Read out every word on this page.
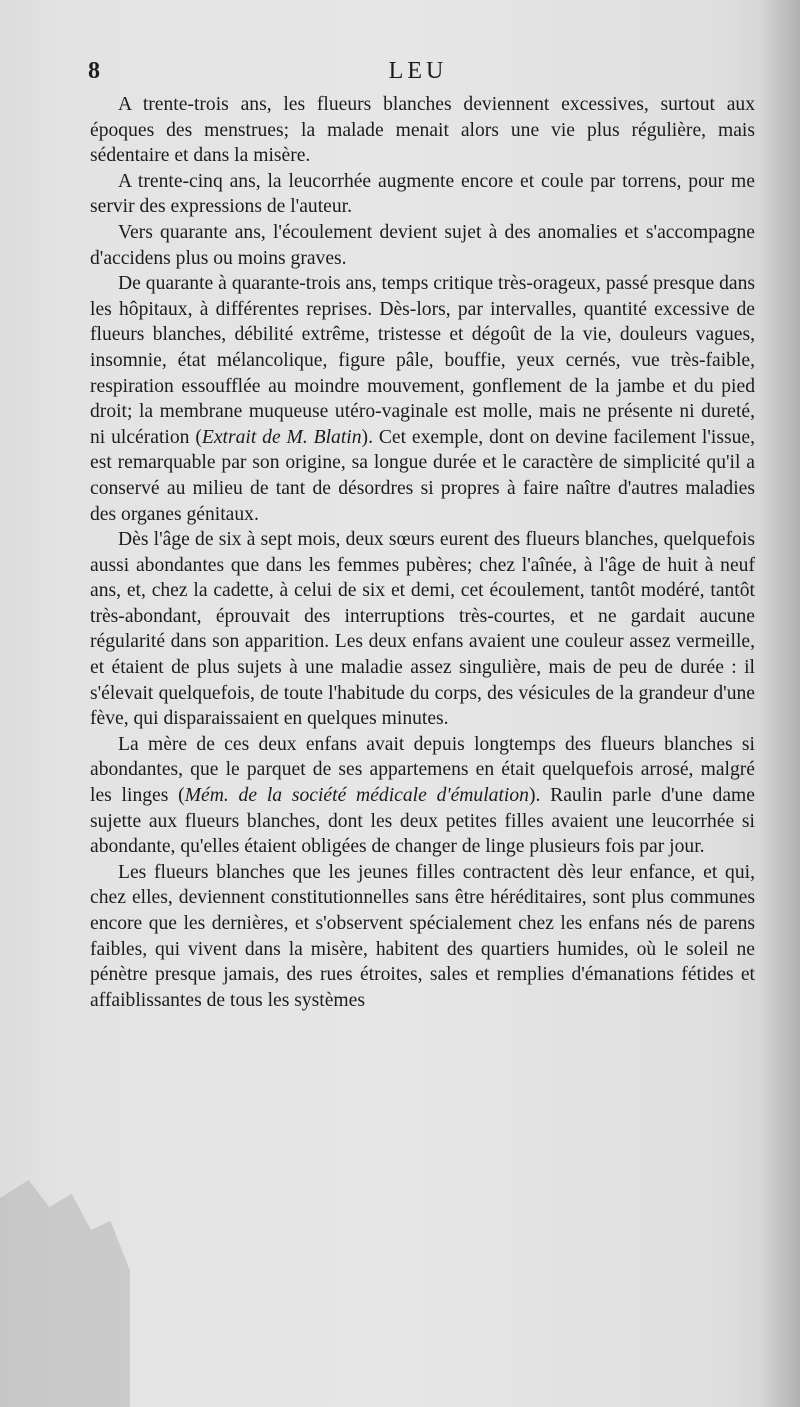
8	LEU

A trente-trois ans, les flueurs blanches deviennent excessives, surtout aux époques des menstrues; la malade menait alors une vie plus régulière, mais sédentaire et dans la misère.

A trente-cinq ans, la leucorrhée augmente encore et coule par torrens, pour me servir des expressions de l'auteur.

Vers quarante ans, l'écoulement devient sujet à des anomalies et s'accompagne d'accidens plus ou moins graves.

De quarante à quarante-trois ans, temps critique très-orageux, passé presque dans les hôpitaux, à différentes reprises. Dès-lors, par intervalles, quantité excessive de flueurs blanches, débilité extrême, tristesse et dégoût de la vie, douleurs vagues, insomnie, état mélancolique, figure pâle, bouffie, yeux cernés, vue très-faible, respiration essoufflée au moindre mouvement, gonflement de la jambe et du pied droit; la membrane muqueuse utéro-vaginale est molle, mais ne présente ni dureté, ni ulcération (Extrait de M. Blatin). Cet exemple, dont on devine facilement l'issue, est remarquable par son origine, sa longue durée et le caractère de simplicité qu'il a conservé au milieu de tant de désordres si propres à faire naître d'autres maladies des organes génitaux.

Dès l'âge de six à sept mois, deux sœurs eurent des flueurs blanches, quelquefois aussi abondantes que dans les femmes pubères; chez l'aînée, à l'âge de huit à neuf ans, et, chez la cadette, à celui de six et demi, cet écoulement, tantôt modéré, tantôt très-abondant, éprouvait des interruptions très-courtes, et ne gardait aucune régularité dans son apparition. Les deux enfans avaient une couleur assez vermeille, et étaient de plus sujets à une maladie assez singulière, mais de peu de durée : il s'élevait quelquefois, de toute l'habitude du corps, des vésicules de la grandeur d'une fève, qui disparaissaient en quelques minutes.

La mère de ces deux enfans avait depuis longtemps des flueurs blanches si abondantes, que le parquet de ses appartemens en était quelquefois arrosé, malgré les linges (Mém. de la société médicale d'émulation). Raulin parle d'une dame sujette aux flueurs blanches, dont les deux petites filles avaient une leucorrhée si abondante, qu'elles étaient obligées de changer de linge plusieurs fois par jour.

Les flueurs blanches que les jeunes filles contractent dès leur enfance, et qui, chez elles, deviennent constitutionnelles sans être héréditaires, sont plus communes encore que les dernières, et s'observent spécialement chez les enfans nés de parens faibles, qui vivent dans la misère, habitent des quartiers humides, où le soleil ne pénètre presque jamais, des rues étroites, sales et remplies d'émanations fétides et affaiblissantes de tous les systèmes
